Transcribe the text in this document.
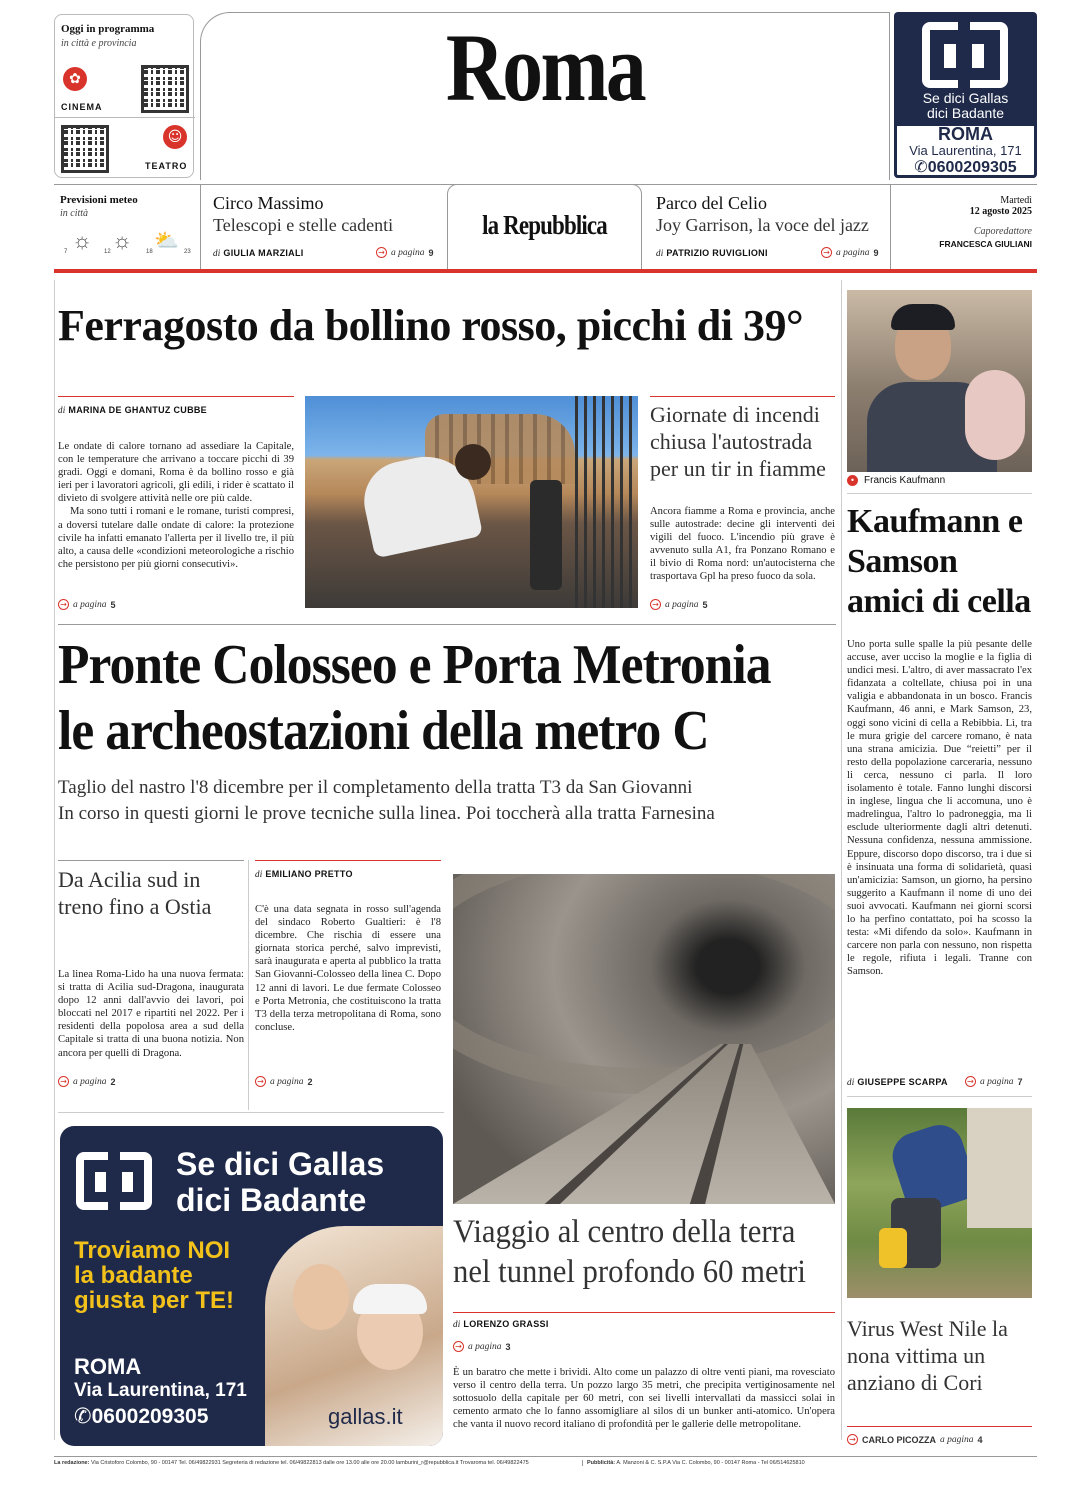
Oggi in programma
in città e provincia
✿
CINEMA
☺
TEATRO
Roma	Se dici Gallas
dici Badante
ROMA
Via Laurentina, 171
✆0600209305
Previsioni meteo
in città
☼ ☼ ⛅
7	12	18	23
Circo Massimo
Telescopi e stelle cadenti
di GIULIA MARZIALI	→ a pagina 9
la Repubblica
Parco del Celio
Joy Garrison, la voce del jazz
di PATRIZIO RUVIGLIONI	→ a pagina 9
Martedì
12 agosto 2025
Caporedattore
FRANCESCA GIULIANI
Ferragosto da bollino rosso, picchi di 39°
di MARINA DE GHANTUZ CUBBE

Le ondate di calore tornano ad assediare la Capitale, con le temperature che arrivano a toccare picchi di 39 gradi. Oggi e domani, Roma è da bollino rosso e già ieri per i lavoratori agricoli, gli edili, i rider è scattato il divieto di svolgere attività nelle ore più calde.

Ma sono tutti i romani e le romane, turisti compresi, a doversi tutelare dalle ondate di calore: la protezione civile ha infatti emanato l'allerta per il livello tre, il più alto, a causa delle «condizioni meteorologiche a rischio che persistono per più giorni consecutivi».

→ a pagina 5
Giornate di incendi chiusa l'autostrada per un tir in fiamme
Ancora fiamme a Roma e provincia, anche sulle autostrade: decine gli interventi dei vigili del fuoco. L'incendio più grave è avvenuto sulla A1, fra Ponzano Romano e il bivio di Roma nord: un'autocisterna che trasportava Gpl ha preso fuoco da sola.
→ a pagina 5
Pronte Colosseo e Porta Metronia
le archeostazioni della metro C
Taglio del nastro l'8 dicembre per il completamento della tratta T3 da San Giovanni
In corso in questi giorni le prove tecniche sulla linea. Poi toccherà alla tratta Farnesina
Da Acilia sud in treno fino a Ostia
La linea Roma-Lido ha una nuova fermata: si tratta di Acilia sud-Dragona, inaugurata dopo 12 anni dall'avvio dei lavori, poi bloccati nel 2017 e ripartiti nel 2022. Per i residenti della popolosa area a sud della Capitale si tratta di una buona notizia. Non ancora per quelli di Dragona.
→ a pagina 2
di EMILIANO PRETTO
C'è una data segnata in rosso sull'agenda del sindaco Roberto Gualtieri: è l'8 dicembre. Che rischia di essere una giornata storica perché, salvo imprevisti, sarà inaugurata e aperta al pubblico la tratta San Giovanni-Colosseo della linea C. Dopo 12 anni di lavori. Le due fermate Colosseo e Porta Metronia, che costituiscono la tratta T3 della terza metropolitana di Roma, sono concluse.
→ a pagina 2
Viaggio al centro della terra
nel tunnel profondo 60 metri
di LORENZO GRASSI
→ a pagina 3
È un baratro che mette i brividi. Alto come un palazzo di oltre venti piani, ma rovesciato verso il centro della terra. Un pozzo largo 35 metri, che precipita vertiginosamente nel sottosuolo della capitale per 60 metri, con sei livelli intervallati da massicci solai in cemento armato che lo fanno assomigliare al silos di un bunker anti-atomico. Un'opera che vanta il nuovo record italiano di profondità per le gallerie delle metropolitane.
Se dici Gallas
dici Badante
Troviamo NOI
la badante
giusta per TE!
ROMA
Via Laurentina, 171
✆0600209305	gallas.it
• Francis Kaufmann
Kaufmann e Samson amici di cella
Uno porta sulle spalle la più pesante delle accuse, aver ucciso la moglie e la figlia di undici mesi. L'altro, di aver massacrato l'ex fidanzata a coltellate, chiusa poi in una valigia e abbandonata in un bosco. Francis Kaufmann, 46 anni, e Mark Samson, 23, oggi sono vicini di cella a Rebibbia. Lì, tra le mura grigie del carcere romano, è nata una strana amicizia. Due “reietti” per il resto della popolazione carceraria, nessuno li cerca, nessuno ci parla. Il loro isolamento è totale. Fanno lunghi discorsi in inglese, lingua che li accomuna, uno è madrelingua, l'altro lo padroneggia, ma li esclude ulteriormente dagli altri detenuti. Nessuna confidenza, nessuna ammissione. Eppure, discorso dopo discorso, tra i due si è insinuata una forma di solidarietà, quasi un'amicizia: Samson, un giorno, ha persino suggerito a Kaufmann il nome di uno dei suoi avvocati. Kaufmann nei giorni scorsi lo ha perfino contattato, poi ha scosso la testa: «Mi difendo da solo». Kaufmann in carcere non parla con nessuno, non rispetta le regole, rifiuta i legali. Tranne con Samson.
di GIUSEPPE SCARPA → a pagina 7
Virus West Nile la nona vittima un anziano di Cori
→ CARLO PICOZZA a pagina 4
La redazione: Via Cristoforo Colombo, 90 - 00147 Tel. 06/49822931 Segreteria di redazione tel. 06/49822813 dalle ore 13.00 alle ore 20.00 lamburini_r@repubblica.it Trovaroma tel. 06/49822475	Pubblicità: A. Manzoni & C. S.P.A Via C. Colombo, 90 - 00147 Roma - Tel 06/514625810
